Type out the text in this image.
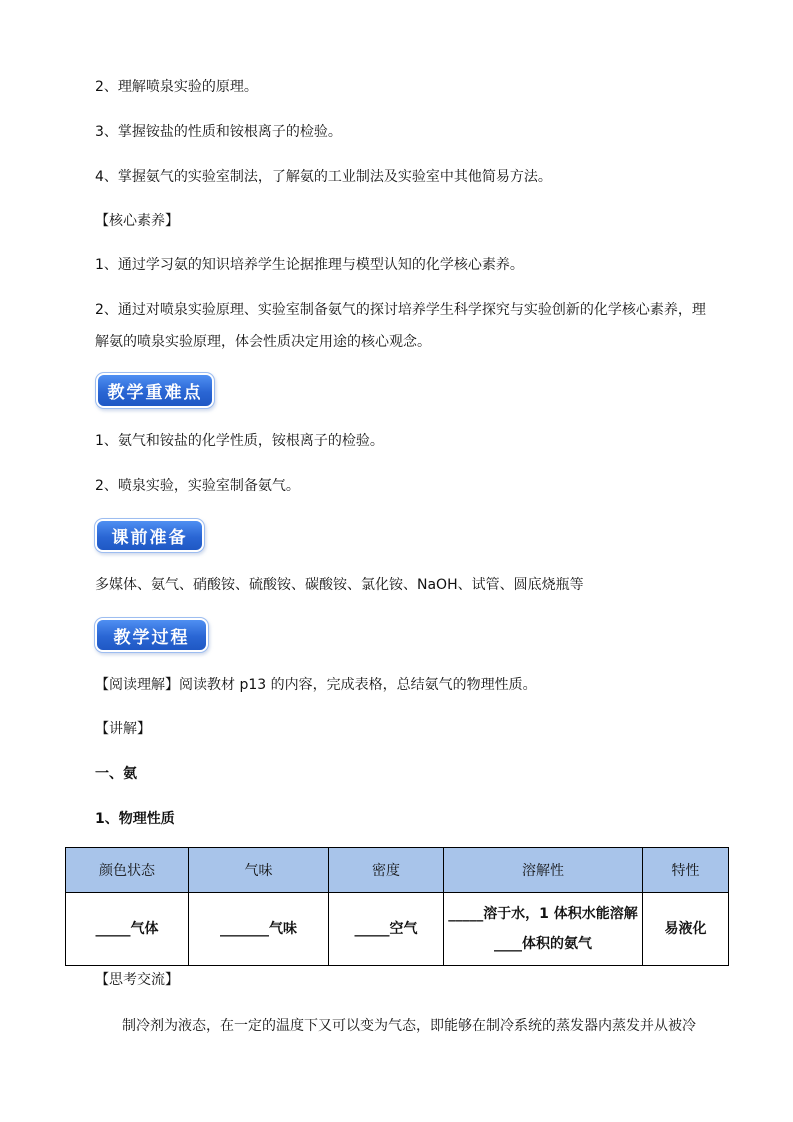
2、理解喷泉实验的原理。
3、掌握铵盐的性质和铵根离子的检验。
4、掌握氨气的实验室制法，了解氨的工业制法及实验室中其他简易方法。
【核心素养】
1、通过学习氨的知识培养学生论据推理与模型认知的化学核心素养。
2、通过对喷泉实验原理、实验室制备氨气的探讨培养学生科学探究与实验创新的化学核心素养，理
解氨的喷泉实验原理，体会性质决定用途的核心观念。
教学重难点
1、氨气和铵盐的化学性质，铵根离子的检验。
2、喷泉实验，实验室制备氨气。
课前准备
多媒体、氨气、硝酸铵、硫酸铵、碳酸铵、氯化铵、NaOH、试管、圆底烧瓶等
教学过程
【阅读理解】阅读教材 p13 的内容，完成表格，总结氨气的物理性质。
【讲解】
一、氨
1、物理性质
颜色状态	气味	密度	溶解性	特性
_____气体	_______气味	_____空气	_____溶于水，1 体积水能溶解
____体积的氨气	易液化
【思考交流】
制冷剂为液态，在一定的温度下又可以变为气态，即能够在制冷系统的蒸发器内蒸发并从被冷
